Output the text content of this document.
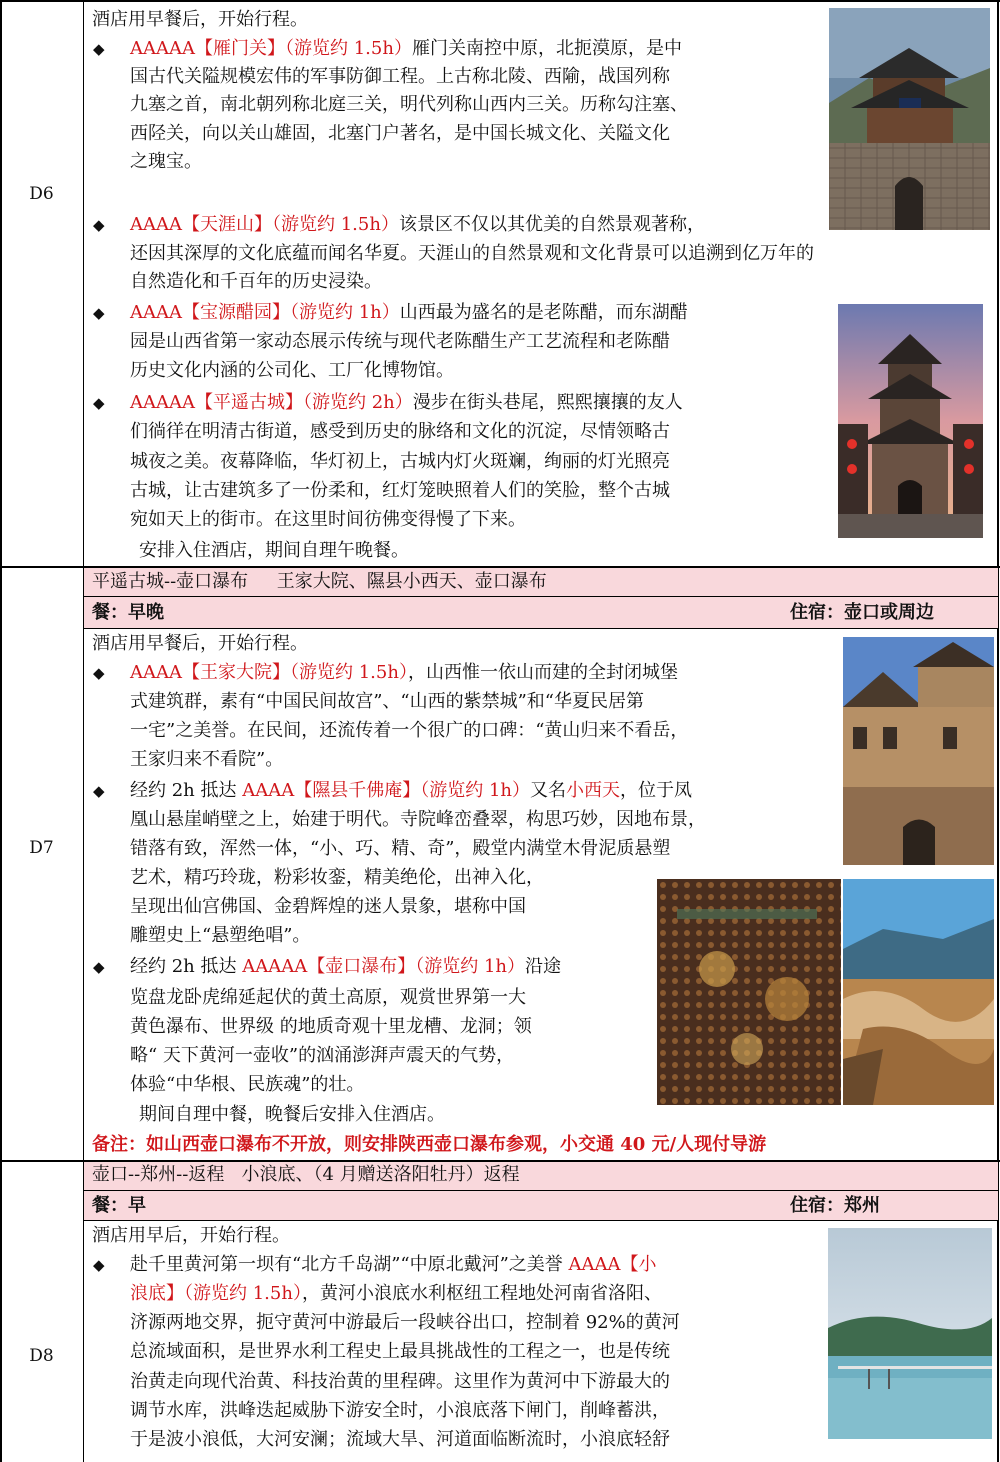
D6
酒店用早餐后，开始行程。
◆ AAAAA【雁门关】（游览约 1.5h）雁门关南控中原，北扼漠原，是中

国古代关隘规模宏伟的军事防御工程。上古称北陵、西隃，战国列称

九塞之首，南北朝列称北庭三关，明代列称山西内三关。历称勾注塞、

西陉关，向以关山雄固，北塞门户著名，是中国长城文化、关隘文化

之瑰宝。

◆ AAAA【天涯山】（游览约 1.5h）该景区不仅以其优美的自然景观著称，

还因其深厚的文化底蕴而闻名华夏。天涯山的自然景观和文化背景可以追溯到亿万年的

自然造化和千百年的历史浸染。

◆ AAAA【宝源醋园】（游览约 1h）山西最为盛名的是老陈醋，而东湖醋

园是山西省第一家动态展示传统与现代老陈醋生产工艺流程和老陈醋

历史文化内涵的公司化、工厂化博物馆。

◆ AAAAA【平遥古城】（游览约 2h）漫步在街头巷尾，熙熙攘攘的友人

们徜徉在明清古街道，感受到历史的脉络和文化的沉淀，尽情领略古

城夜之美。夜幕降临，华灯初上，古城内灯火斑斓，绚丽的灯光照亮

古城，让古建筑多了一份柔和，红灯笼映照着人们的笑脸，整个古城

宛如天上的街市。在这里时间彷佛变得慢了下来。

安排入住酒店，期间自理午晚餐。
D7
平遥古城--壶口瀑布     王家大院、隰县小西天、壶口瀑布
餐：早晚	住宿：壶口或周边
酒店用早餐后，开始行程。
◆ AAAA【王家大院】（游览约 1.5h），山西惟一依山而建的全封闭城堡

式建筑群，素有“中国民间故宫”、“山西的紫禁城”和“华夏民居第

一宅”之美誉。在民间，还流传着一个很广的口碑：“黄山归来不看岳，

王家归来不看院”。

◆ 经约 2h 抵达 AAAA【隰县千佛庵】（游览约 1h）又名小西天，位于凤

凰山悬崖峭壁之上，始建于明代。寺院峰峦叠翠，构思巧妙，因地布景，

错落有致，浑然一体，“小、巧、精、奇”，殿堂内满堂木骨泥质悬塑

艺术，精巧玲珑，粉彩妆銮，精美绝伦，出神入化，

呈现出仙宫佛国、金碧辉煌的迷人景象，堪称中国

雕塑史上“悬塑绝唱”。

◆ 经约 2h 抵达 AAAAA【壶口瀑布】（游览约 1h）沿途

览盘龙卧虎绵延起伏的黄土高原，观赏世界第一大

黄色瀑布、世界级 的地质奇观十里龙槽、龙洞；领

略“ 天下黄河一壶收”的汹涌澎湃声震天的气势，

体验“中华根、民族魂”的壮。

期间自理中餐，晚餐后安排入住酒店。
备注：如山西壶口瀑布不开放，则安排陕西壶口瀑布参观，小交通 40 元/人现付导游
D8
壶口--郑州--返程   小浪底、（4 月赠送洛阳牡丹）返程
餐：早	住宿：郑州
酒店用早后，开始行程。
◆ 赴千里黄河第一坝有“北方千岛湖”“中原北戴河”之美誉 AAAA【小

浪底】（游览约 1.5h），黄河小浪底水利枢纽工程地处河南省洛阳、

济源两地交界，扼守黄河中游最后一段峡谷出口，控制着 92%的黄河

总流域面积，是世界水利工程史上最具挑战性的工程之一，也是传统

治黄走向现代治黄、科技治黄的里程碑。这里作为黄河中下游最大的

调节水库，洪峰迭起威胁下游安全时，小浪底落下闸门，削峰蓄洪，

于是波小浪低，大河安澜；流域大旱、河道面临断流时，小浪底轻舒
